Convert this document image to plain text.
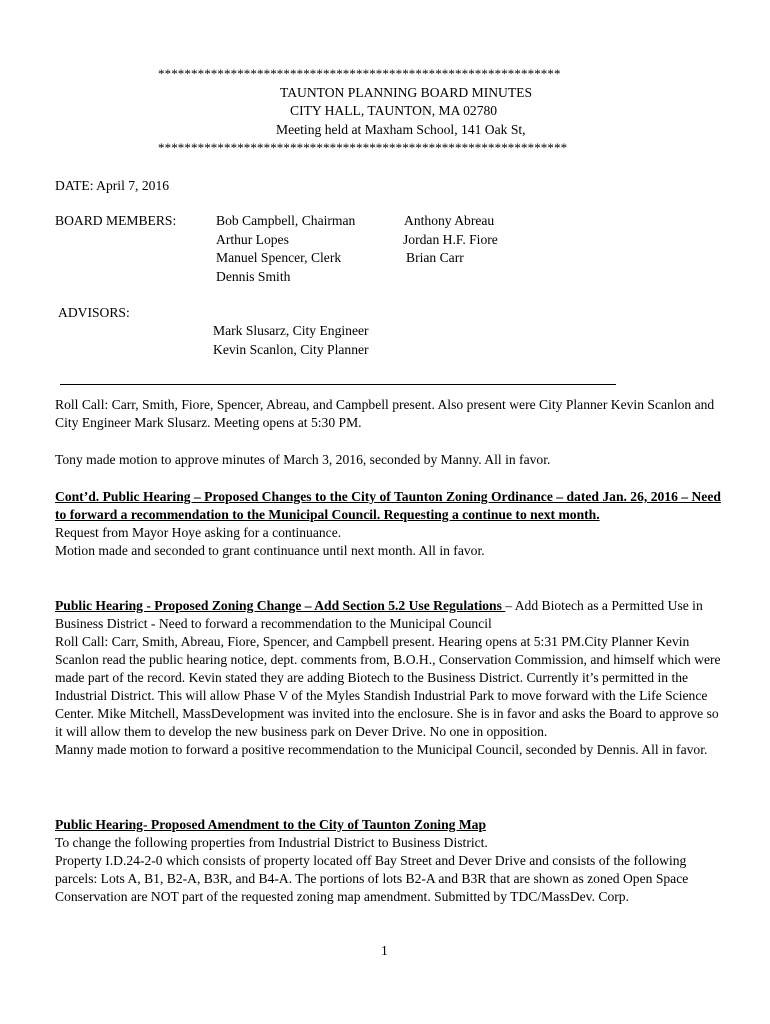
*************************************************************
TAUNTON PLANNING BOARD MINUTES
CITY HALL, TAUNTON, MA 02780
Meeting held at Maxham School, 141 Oak St,
**************************************************************
DATE: April 7, 2016
BOARD MEMBERS:	Bob Campbell, Chairman
Arthur Lopes
Manuel Spencer, Clerk
Dennis Smith
Anthony Abreau
Jordan H.F. Fiore
Brian Carr
ADVISORS:
Mark Slusarz, City Engineer
Kevin Scanlon, City Planner

Roll Call: Carr, Smith, Fiore, Spencer, Abreau, and Campbell present. Also present were City Planner Kevin Scanlon and City Engineer Mark Slusarz. Meeting opens at 5:30 PM.

Tony made motion to approve minutes of March 3, 2016, seconded by Manny. All in favor.

Cont’d. Public Hearing – Proposed Changes to the City of Taunton Zoning Ordinance – dated Jan. 26, 2016 – Need to forward a recommendation to the Municipal Council. Requesting a continue to next month.

Request from Mayor Hoye asking for a continuance.

Motion made and seconded to grant continuance until next month. All in favor.

Public Hearing - Proposed Zoning Change – Add Section 5.2 Use Regulations – Add Biotech as a Permitted Use in Business District - Need to forward a recommendation to the Municipal Council

Roll Call: Carr, Smith, Abreau, Fiore, Spencer, and Campbell present. Hearing opens at 5:31 PM.City Planner Kevin Scanlon read the public hearing notice, dept. comments from, B.O.H., Conservation Commission, and himself which were made part of the record. Kevin stated they are adding Biotech to the Business District. Currently it’s permitted in the Industrial District. This will allow Phase V of the Myles Standish Industrial Park to move forward with the Life Science Center. Mike Mitchell, MassDevelopment was invited into the enclosure. She is in favor and asks the Board to approve so it will allow them to develop the new business park on Dever Drive. No one in opposition.

Manny made motion to forward a positive recommendation to the Municipal Council, seconded by Dennis. All in favor.

Public Hearing- Proposed Amendment to the City of Taunton Zoning Map

To change the following properties from Industrial District to Business District.

Property I.D.24-2-0 which consists of property located off Bay Street and Dever Drive and consists of the following parcels: Lots A, B1, B2-A, B3R, and B4-A. The portions of lots B2-A and B3R that are shown as zoned Open Space Conservation are NOT part of the requested zoning map amendment. Submitted by TDC/MassDev. Corp.

1
